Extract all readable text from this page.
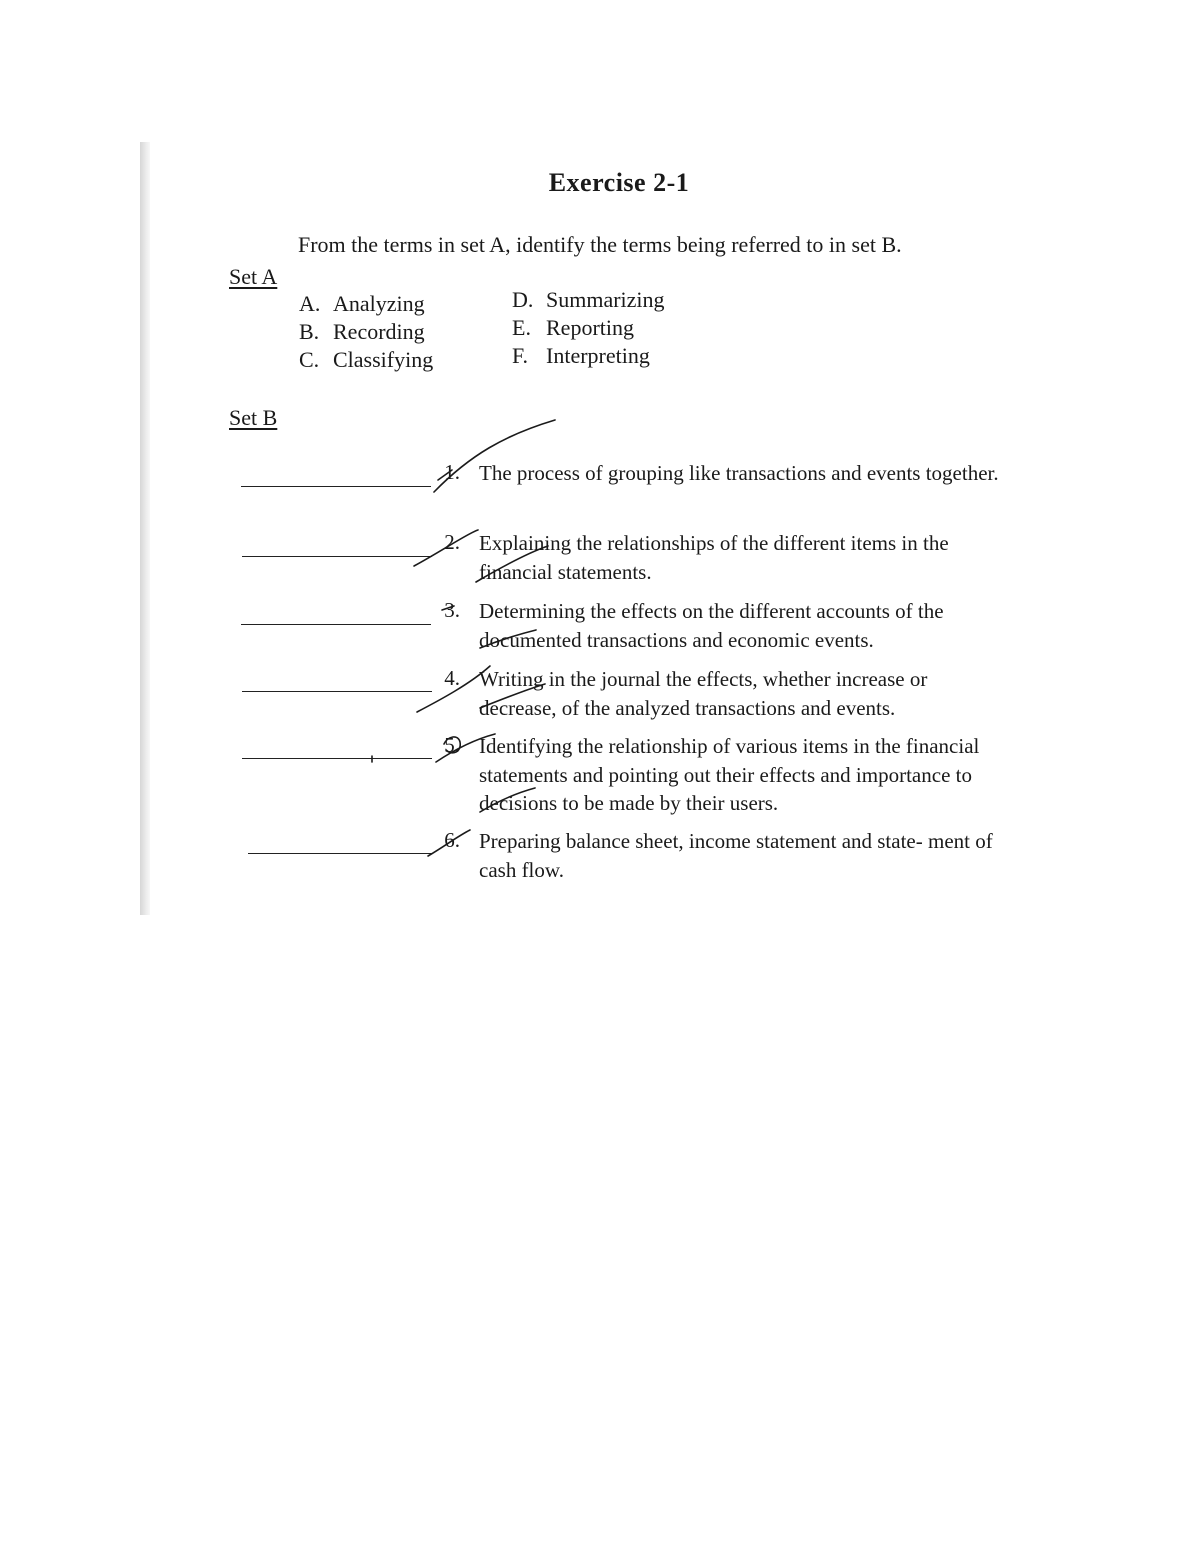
Exercise 2-1
From the terms in set A, identify the terms being referred to in set B.
Set A
A. Analyzing
B. Recording
C. Classifying
D. Summarizing
E. Reporting
F. Interpreting
Set B
1. The process of grouping like transactions and events together.
2. Explaining the relationships of the different items in the financial statements.
3. Determining the effects on the different accounts of the documented transactions and economic events.
4. Writing in the journal the effects, whether increase or decrease, of the analyzed transactions and events.
5. Identifying the relationship of various items in the financial statements and pointing out their effects and importance to decisions to be made by their users.
6. Preparing balance sheet, income statement and state- ment of cash flow.
